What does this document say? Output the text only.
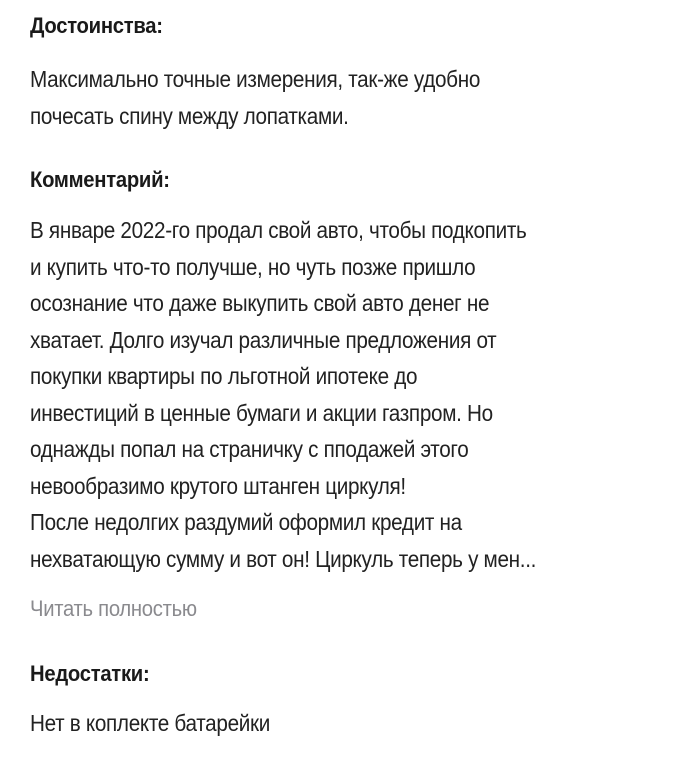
Достоинства:
Максимально точные измерения, так-же удобно
почесать спину между лопатками.
Комментарий:
В январе 2022-го продал свой авто, чтобы подкопить
и купить что-то получше, но чуть позже пришло
осознание что даже выкупить свой авто денег не
хватает. Долго изучал различные предложения от
покупки квартиры по льготной ипотеке до
инвестиций в ценные бумаги и акции газпром. Но
однажды попал на страничку с пподажей этого
невообразимо крутого штанген циркуля!
После недолгих раздумий оформил кредит на
нехватающую сумму и вот он! Циркуль теперь у мен...
Читать полностью
Недостатки:
Нет в коплекте батарейки
